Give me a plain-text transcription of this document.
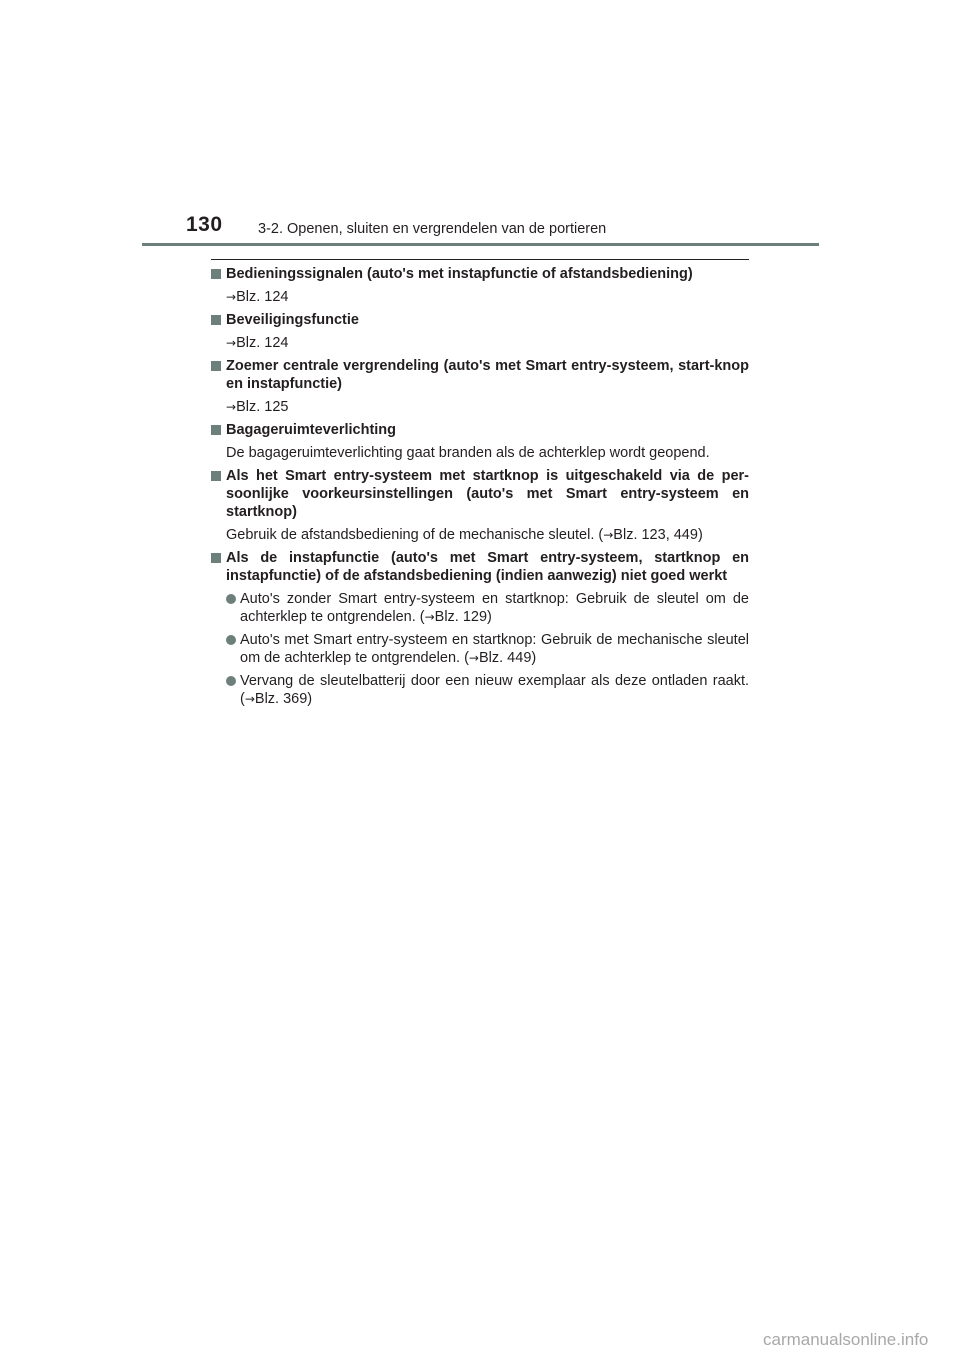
130 3-2. Openen, sluiten en vergrendelen van de portieren
Bedieningssignalen (auto's met instapfunctie of afstandsbediening)
→Blz. 124
Beveiligingsfunctie
→Blz. 124
Zoemer centrale vergrendeling (auto's met Smart entry-systeem, start-knop en instapfunctie)
→Blz. 125
Bagageruimteverlichting
De bagageruimteverlichting gaat branden als de achterklep wordt geopend.
Als het Smart entry-systeem met startknop is uitgeschakeld via de per-soonlijke voorkeursinstellingen (auto's met Smart entry-systeem en startknop)
Gebruik de afstandsbediening of de mechanische sleutel. (→Blz. 123, 449)
Als de instapfunctie (auto's met Smart entry-systeem, startknop en instapfunctie) of de afstandsbediening (indien aanwezig) niet goed werkt
Auto's zonder Smart entry-systeem en startknop: Gebruik de sleutel om de achterklep te ontgrendelen. (→Blz. 129)
Auto's met Smart entry-systeem en startknop: Gebruik de mechanische sleutel om de achterklep te ontgrendelen. (→Blz. 449)
Vervang de sleutelbatterij door een nieuw exemplaar als deze ontladen raakt. (→Blz. 369)
carmanualsonline.info
